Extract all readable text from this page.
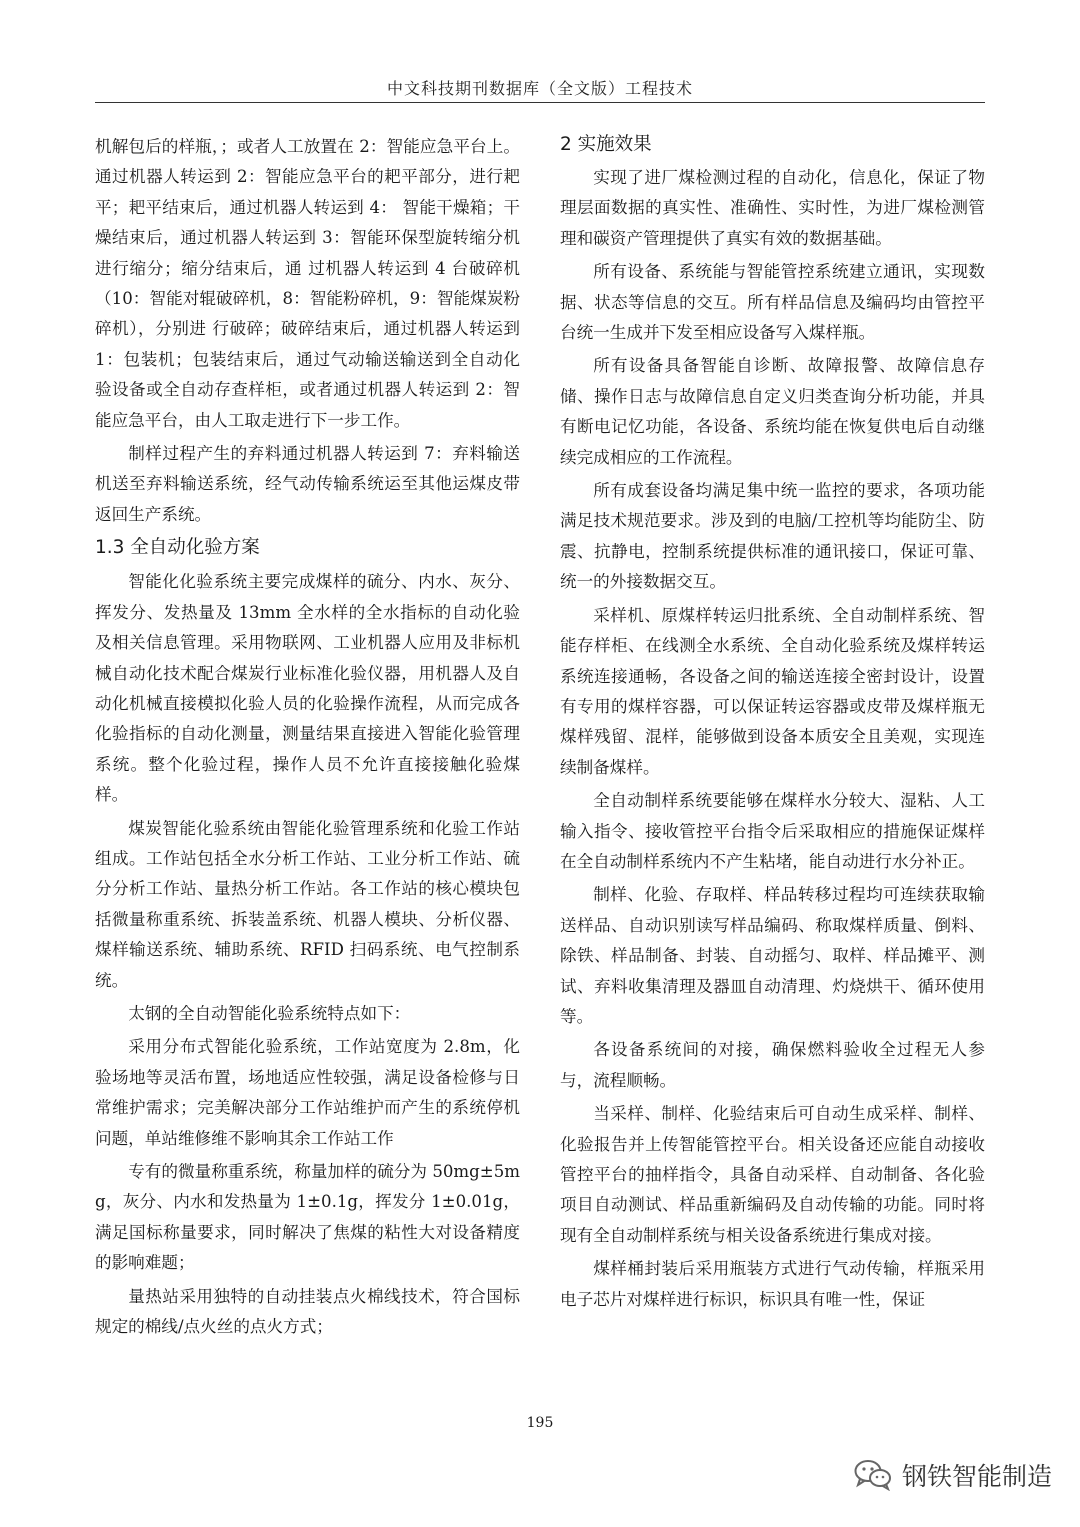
中文科技期刊数据库（全文版）工程技术

机解包后的样瓶，；或者人工放置在 2：智能应急平台上。通过机器人转运到 2：智能应急平台的耙平部分，进行耙平；耙平结束后，通过机器人转运到 4： 智能干燥箱；干燥结束后，通过机器人转运到 3：智能环保型旋转缩分机进行缩分；缩分结束后，通 过机器人转运到 4 台破碎机（10：智能对辊破碎机，8：智能粉碎机，9：智能煤炭粉碎机），分别进 行破碎；破碎结束后，通过机器人转运到 1：包装机；包装结束后，通过气动输送输送到全自动化验设备或全自动存查样柜，或者通过机器人转运到 2：智能应急平台，由人工取走进行下一步工作。

制样过程产生的弃料通过机器人转运到 7：弃料输送机送至弃料输送系统，经气动传输系统运至其他运煤皮带返回生产系统。

1.3 全自动化验方案

智能化化验系统主要完成煤样的硫分、内水、灰分、挥发分、发热量及 13mm 全水样的全水指标的自动化验及相关信息管理。采用物联网、工业机器人应用及非标机械自动化技术配合煤炭行业标准化验仪器，用机器人及自动化机械直接模拟化验人员的化验操作流程，从而完成各化验指标的自动化测量，测量结果直接进入智能化验管理系统。整个化验过程，操作人员不允许直接接触化验煤样。

煤炭智能化验系统由智能化验管理系统和化验工作站组成。工作站包括全水分析工作站、工业分析工作站、硫分分析工作站、量热分析工作站。各工作站的核心模块包括微量称重系统、拆装盖系统、机器人模块、分析仪器、煤样输送系统、辅助系统、RFID 扫码系统、电气控制系统。

太钢的全自动智能化验系统特点如下：

采用分布式智能化验系统，工作站宽度为 2.8m，化验场地等灵活布置，场地适应性较强，满足设备检修与日常维护需求；完美解决部分工作站维护而产生的系统停机问题，单站维修维不影响其余工作站工作

专有的微量称重系统，称量加样的硫分为 50mg±5mg，灰分、内水和发热量为 1±0.1g，挥发分 1±0.01g，满足国标称量要求，同时解决了焦煤的粘性大对设备精度的影响难题；

量热站采用独特的自动挂装点火棉线技术，符合国标规定的棉线/点火丝的点火方式；

2 实施效果

实现了进厂煤检测过程的自动化，信息化，保证了物理层面数据的真实性、准确性、实时性，为进厂煤检测管理和碳资产管理提供了真实有效的数据基础。

所有设备、系统能与智能管控系统建立通讯，实现数据、状态等信息的交互。所有样品信息及编码均由管控平台统一生成并下发至相应设备写入煤样瓶。

所有设备具备智能自诊断、故障报警、故障信息存储、操作日志与故障信息自定义归类查询分析功能，并具有断电记忆功能，各设备、系统均能在恢复供电后自动继续完成相应的工作流程。

所有成套设备均满足集中统一监控的要求，各项功能满足技术规范要求。涉及到的电脑/工控机等均能防尘、防震、抗静电，控制系统提供标准的通讯接口，保证可靠、统一的外接数据交互。

采样机、原煤样转运归批系统、全自动制样系统、智能存样柜、在线测全水系统、全自动化验系统及煤样转运系统连接通畅，各设备之间的输送连接全密封设计，设置有专用的煤样容器，可以保证转运容器或皮带及煤样瓶无煤样残留、混样，能够做到设备本质安全且美观，实现连续制备煤样。

全自动制样系统要能够在煤样水分较大、湿粘、人工输入指令、接收管控平台指令后采取相应的措施保证煤样在全自动制样系统内不产生粘堵，能自动进行水分补正。

制样、化验、存取样、样品转移过程均可连续获取输送样品、自动识别读写样品编码、称取煤样质量、倒料、除铁、样品制备、封装、自动摇匀、取样、样品摊平、测试、弃料收集清理及器皿自动清理、灼烧烘干、循环使用等。

各设备系统间的对接，确保燃料验收全过程无人参与，流程顺畅。

当采样、制样、化验结束后可自动生成采样、制样、化验报告并上传智能管控平台。相关设备还应能自动接收管控平台的抽样指令，具备自动采样、自动制备、各化验项目自动测试、样品重新编码及自动传输的功能。同时将现有全自动制样系统与相关设备系统进行集成对接。

煤样桶封装后采用瓶装方式进行气动传输，样瓶采用电子芯片对煤样进行标识，标识具有唯一性，保证

195
钢铁智能制造
